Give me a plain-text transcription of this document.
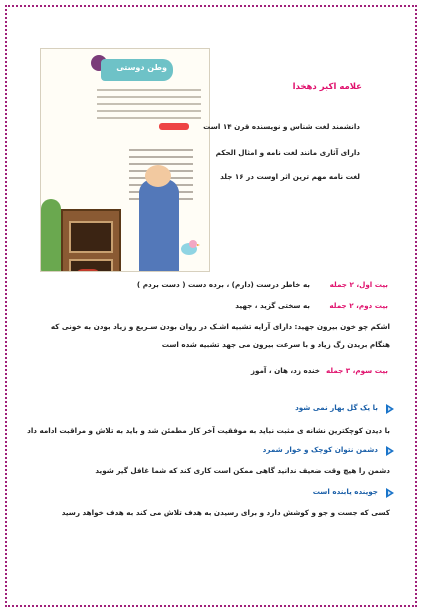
وطن دوستی
علامه اکبر دهخدا
دانشمند لغت شناس و نویسنده قرن ۱۴ است
دارای آثاری مانند لغت نامه و امثال الحکم
لغت نامه مهم ترین اثر اوست در ۱۶ جلد
بیت اول، ۲ جمله
به خاطر درست (دارم) ، برده دست ( دست بردم )
بیت دوم، ۲ جمله
به سختی گزید ، جهید
اشکم چو خون بیرون جهید: دارای آرایه تشبیه اشـک در روان بودن سـریع و زیاد بودن به خونی که هنگام بریدن رگ زیاد و با سرعت بیرون می جهد تشبیه شده است
بیت سوم، ۳ جمله
خنده زد، هان ، آموز
با یک گل بهار نمی شود
با دیدن کوچکترین نشانه ی مثبت نباید به موفقیت آخر کار مطمئن شد و باید به تلاش و مراقبت ادامه داد
دشمن نتوان کوچک و خوار شمرد
دشمن را هیچ وقت ضعیف ندانید گاهی ممکن است کاری کند که شما غافل گیر شوید
جوینده یابنده است
کسی که جست و جو و کوشش دارد و برای رسیدن به هدف تلاش می کند به هدف خواهد رسید
